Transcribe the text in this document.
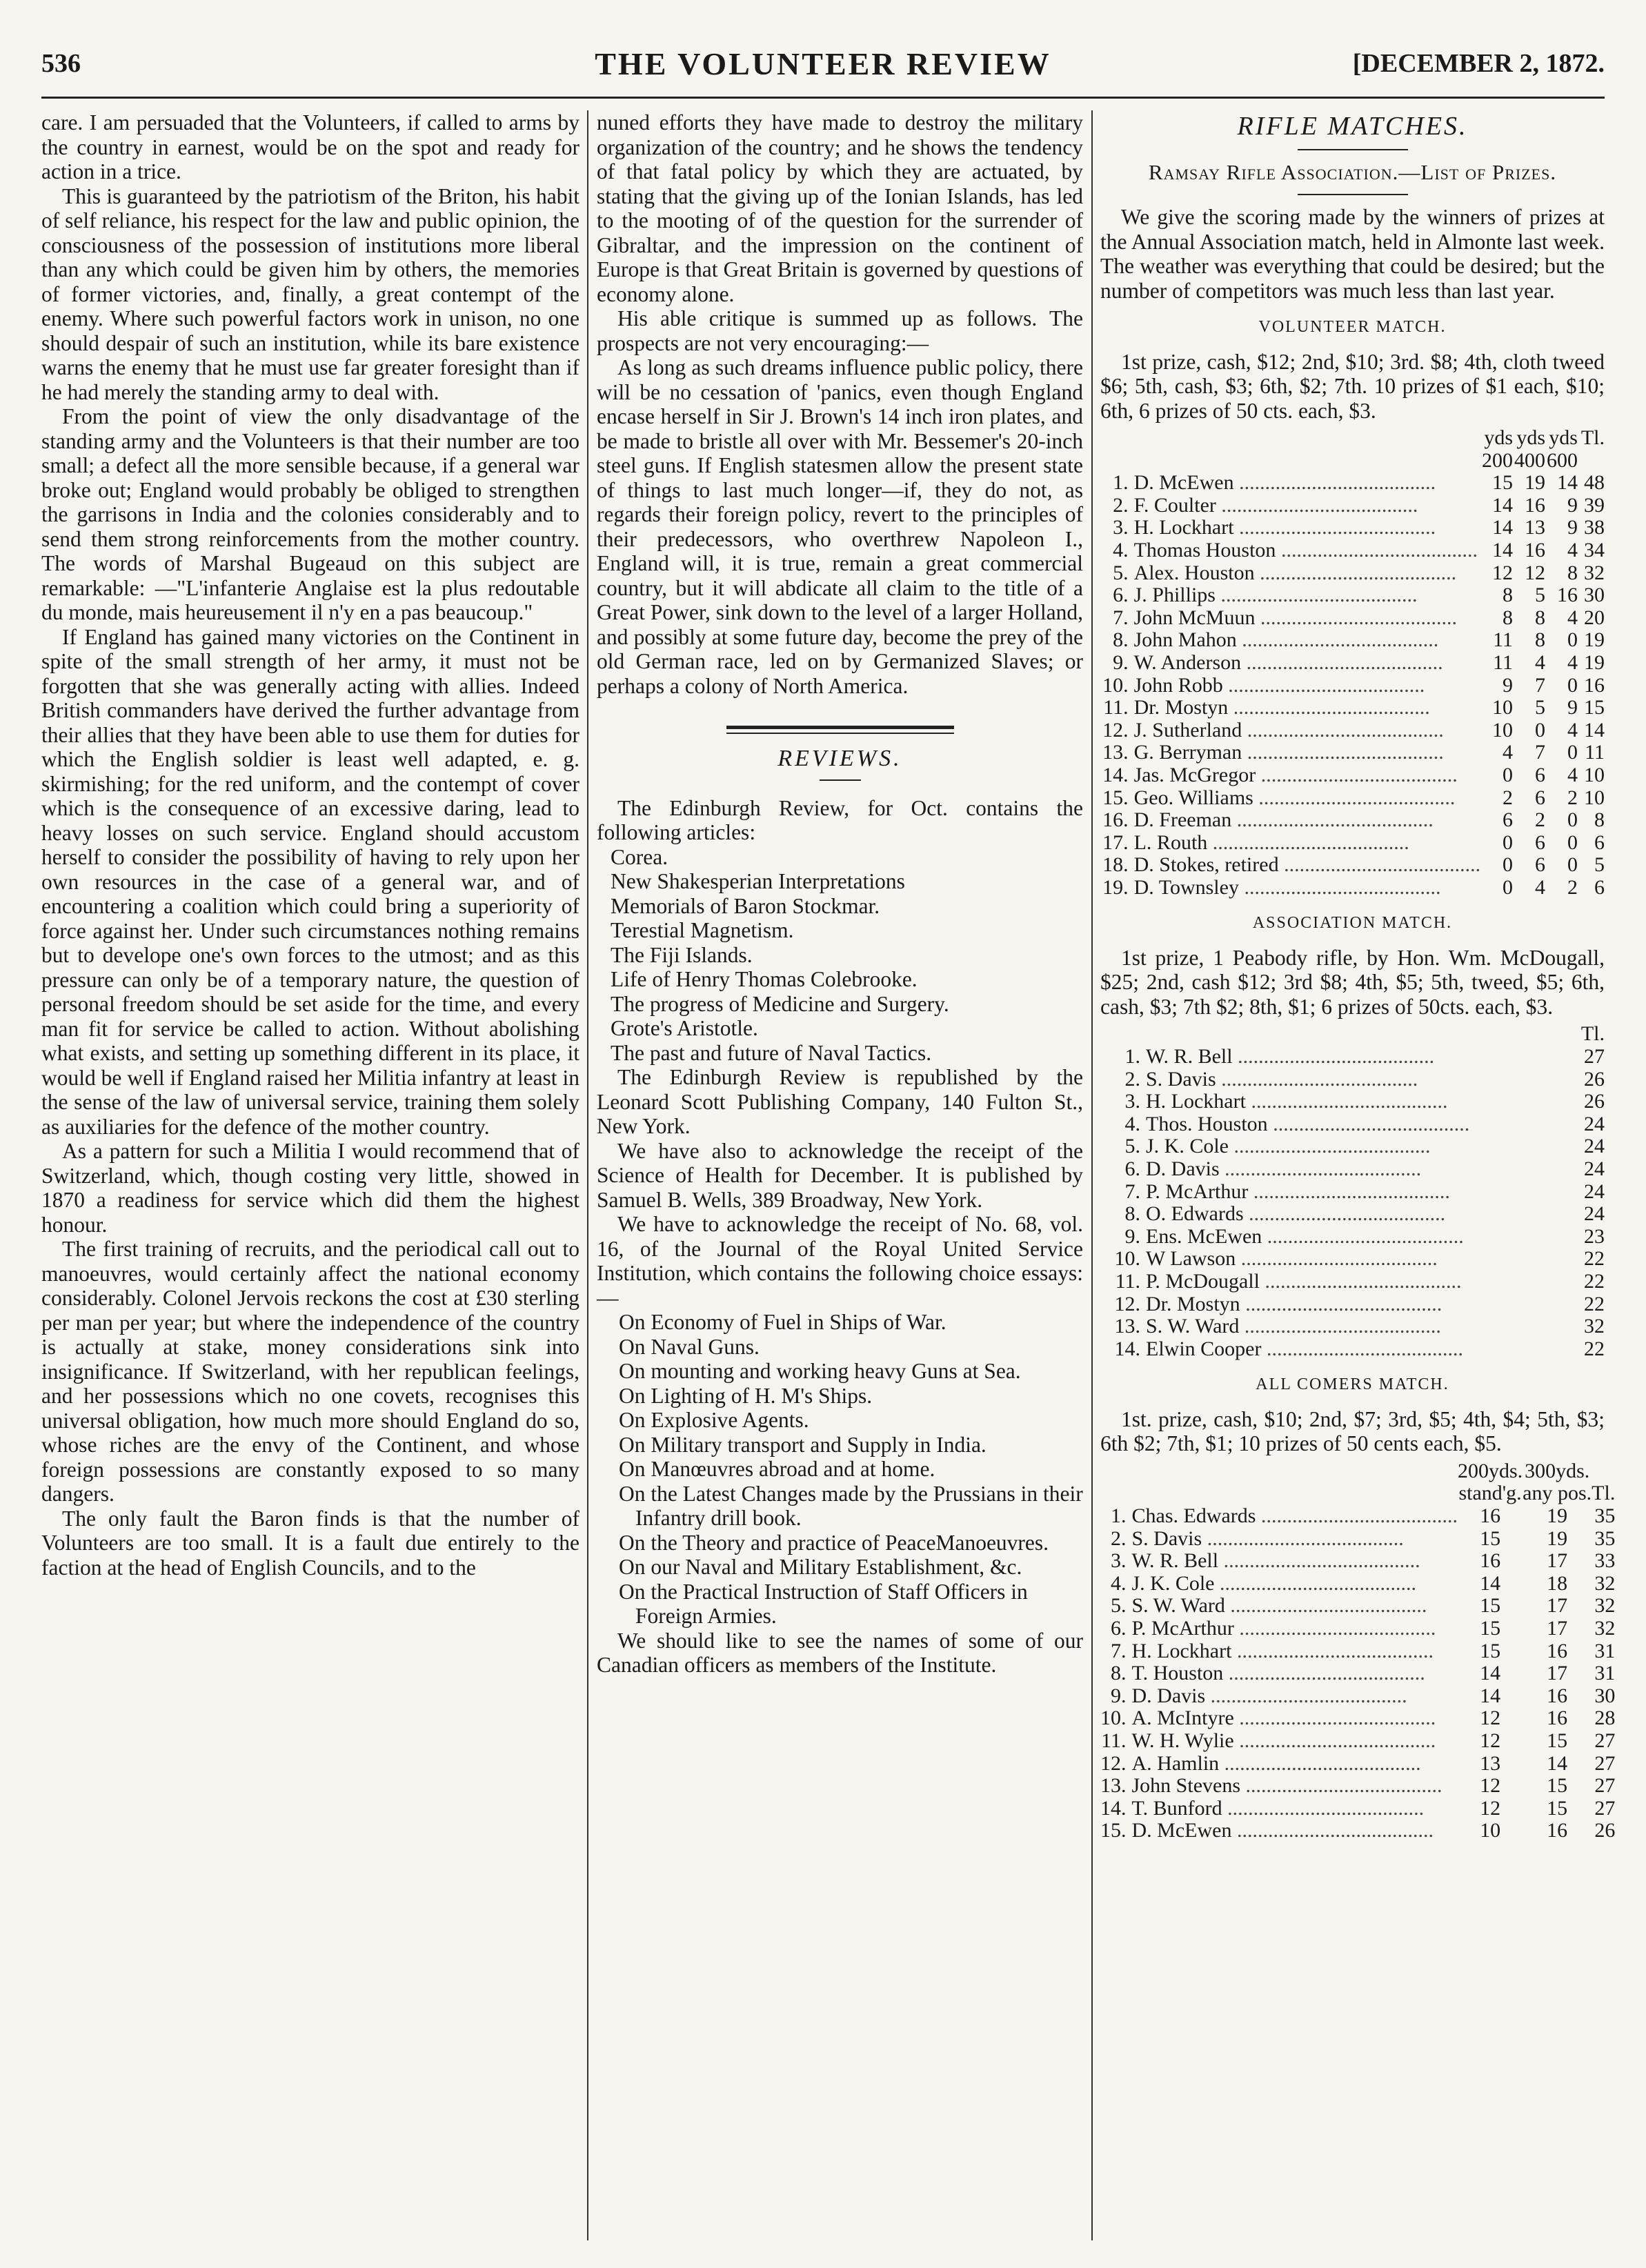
536	THE VOLUNTEER REVIEW	[DECEMBER 2, 1872.

care. I am persuaded that the Volunteers, if called to arms by the country in earnest, would be on the spot and ready for action in a trice.

This is guaranteed by the patriotism of the Briton, his habit of self reliance, his respect for the law and public opinion, the consciousness of the possession of institutions more liberal than any which could be given him by others, the memories of former victories, and, finally, a great contempt of the enemy. Where such powerful factors work in unison, no one should despair of such an institution, while its bare existence warns the enemy that he must use far greater foresight than if he had merely the standing army to deal with.

From the point of view the only disadvantage of the standing army and the Volunteers is that their number are too small; a defect all the more sensible because, if a general war broke out; England would probably be obliged to strengthen the garrisons in India and the colonies considerably and to send them strong reinforcements from the mother country. The words of Marshal Bugeaud on this subject are remarkable: —"L'infanterie Anglaise est la plus redoutable du monde, mais heureusement il n'y en a pas beaucoup."

If England has gained many victories on the Continent in spite of the small strength of her army, it must not be forgotten that she was generally acting with allies. Indeed British commanders have derived the further advantage from their allies that they have been able to use them for duties for which the English soldier is least well adapted, e. g. skirmishing; for the red uniform, and the contempt of cover which is the consequence of an excessive daring, lead to heavy losses on such service. England should accustom herself to consider the possibility of having to rely upon her own resources in the case of a general war, and of encountering a coalition which could bring a superiority of force against her. Under such circumstances nothing remains but to develope one's own forces to the utmost; and as this pressure can only be of a temporary nature, the question of personal freedom should be set aside for the time, and every man fit for service be called to action. Without abolishing what exists, and setting up something different in its place, it would be well if England raised her Militia infantry at least in the sense of the law of universal service, training them solely as auxiliaries for the defence of the mother country.

As a pattern for such a Militia I would recommend that of Switzerland, which, though costing very little, showed in 1870 a readiness for service which did them the highest honour.

The first training of recruits, and the periodical call out to manoeuvres, would certainly affect the national economy considerably. Colonel Jervois reckons the cost at £30 sterling per man per year; but where the independence of the country is actually at stake, money considerations sink into insignificance. If Switzerland, with her republican feelings, and her possessions which no one covets, recognises this universal obligation, how much more should England do so, whose riches are the envy of the Continent, and whose foreign possessions are constantly exposed to so many dangers.

The only fault the Baron finds is that the number of Volunteers are too small. It is a fault due entirely to the faction at the head of English Councils, and to the

nuned efforts they have made to destroy the military organization of the country; and he shows the tendency of that fatal policy by which they are actuated, by stating that the giving up of the Ionian Islands, has led to the mooting of of the question for the surrender of Gibraltar, and the impression on the continent of Europe is that Great Britain is governed by questions of economy alone.

His able critique is summed up as follows. The prospects are not very encouraging:—

As long as such dreams influence public policy, there will be no cessation of 'panics, even though England encase herself in Sir J. Brown's 14 inch iron plates, and be made to bristle all over with Mr. Bessemer's 20-inch steel guns. If English statesmen allow the present state of things to last much longer—if, they do not, as regards their foreign policy, revert to the principles of their predecessors, who overthrew Napoleon I., England will, it is true, remain a great commercial country, but it will abdicate all claim to the title of a Great Power, sink down to the level of a larger Holland, and possibly at some future day, become the prey of the old German race, led on by Germanized Slaves; or perhaps a colony of North America.

REVIEWS.

The Edinburgh Review, for Oct. contains the following articles:

Corea.
New Shakesperian Interpretations
Memorials of Baron Stockmar.
Terestial Magnetism.
The Fiji Islands.
Life of Henry Thomas Colebrooke.
The progress of Medicine and Surgery.
Grote's Aristotle.
The past and future of Naval Tactics.

The Edinburgh Review is republished by the Leonard Scott Publishing Company, 140 Fulton St., New York.

We have also to acknowledge the receipt of the Science of Health for December. It is published by Samuel B. Wells, 389 Broadway, New York.

We have to acknowledge the receipt of No. 68, vol. 16, of the Journal of the Royal United Service Institution, which contains the following choice essays:—

On Economy of Fuel in Ships of War.
On Naval Guns.
On mounting and working heavy Guns at Sea.
On Lighting of H. M's Ships.
On Explosive Agents.
On Military transport and Supply in India.
On Manœuvres abroad and at home.
On the Latest Changes made by the Prussians in their Infantry drill book.
On the Theory and practice of PeaceManoeuvres.
On our Naval and Military Establishment, &c.
On the Practical Instruction of Staff Officers in Foreign Armies.

We should like to see the names of some of our Canadian officers as members of the Institute.

RIFLE MATCHES.
Ramsay Rifle Association.—List of Prizes.

We give the scoring made by the winners of prizes at the Annual Association match, held in Almonte last week. The weather was everything that could be desired; but the number of competitors was much less than last year.

VOLUNTEER MATCH.

1st prize, cash, $12; 2nd, $10; 3rd. $8; 4th, cloth tweed $6; 5th, cash, $3; 6th, $2; 7th. 10 prizes of $1 each, $10; 6th, 6 prizes of 50 cts. each, $3.

		yds	yds	yds	Tl.
		200	400	600	
1.	D. McEwen ......................................	15	19	14	48
2.	F. Coulter ......................................	14	16	9	39
3.	H. Lockhart ......................................	14	13	9	38
4.	Thomas Houston ......................................	14	16	4	34
5.	Alex. Houston ......................................	12	12	8	32
6.	J. Phillips ......................................	8	5	16	30
7.	John McMuun ......................................	8	8	4	20
8.	John Mahon ......................................	11	8	0	19
9.	W. Anderson ......................................	11	4	4	19
10.	John Robb ......................................	9	7	0	16
11.	Dr. Mostyn ......................................	10	5	9	15
12.	J. Sutherland ......................................	10	0	4	14
13.	G. Berryman ......................................	4	7	0	11
14.	Jas. McGregor ......................................	0	6	4	10
15.	Geo. Williams ......................................	2	6	2	10
16.	D. Freeman ......................................	6	2	0	8
17.	L. Routh ......................................	0	6	0	6
18.	D. Stokes, retired ......................................	0	6	0	5
19.	D. Townsley ......................................	0	4	2	6
ASSOCIATION MATCH.

1st prize, 1 Peabody rifle, by Hon. Wm. McDougall, $25; 2nd, cash $12; 3rd $8; 4th, $5; 5th, tweed, $5; 6th, cash, $3; 7th $2; 8th, $1; 6 prizes of 50cts. each, $3.

		Tl.
1.	W. R. Bell ......................................	27
2.	S. Davis ......................................	26
3.	H. Lockhart ......................................	26
4.	Thos. Houston ......................................	24
5.	J. K. Cole ......................................	24
6.	D. Davis ......................................	24
7.	P. McArthur ......................................	24
8.	O. Edwards ......................................	24
9.	Ens. McEwen ......................................	23
10.	W Lawson ......................................	22
11.	P. McDougall ......................................	22
12.	Dr. Mostyn ......................................	22
13.	S. W. Ward ......................................	32
14.	Elwin Cooper ......................................	22
ALL COMERS MATCH.

1st. prize, cash, $10; 2nd, $7; 3rd, $5; 4th, $4; 5th, $3; 6th $2; 7th, $1; 10 prizes of 50 cents each, $5.

		200yds.	300yds.	
		stand'g.	any pos.	Tl.
1.	Chas. Edwards ......................................	16	19	35
2.	S. Davis ......................................	15	19	35
3.	W. R. Bell ......................................	16	17	33
4.	J. K. Cole ......................................	14	18	32
5.	S. W. Ward ......................................	15	17	32
6.	P. McArthur ......................................	15	17	32
7.	H. Lockhart ......................................	15	16	31
8.	T. Houston ......................................	14	17	31
9.	D. Davis ......................................	14	16	30
10.	A. McIntyre ......................................	12	16	28
11.	W. H. Wylie ......................................	12	15	27
12.	A. Hamlin ......................................	13	14	27
13.	John Stevens ......................................	12	15	27
14.	T. Bunford ......................................	12	15	27
15.	D. McEwen ......................................	10	16	26
